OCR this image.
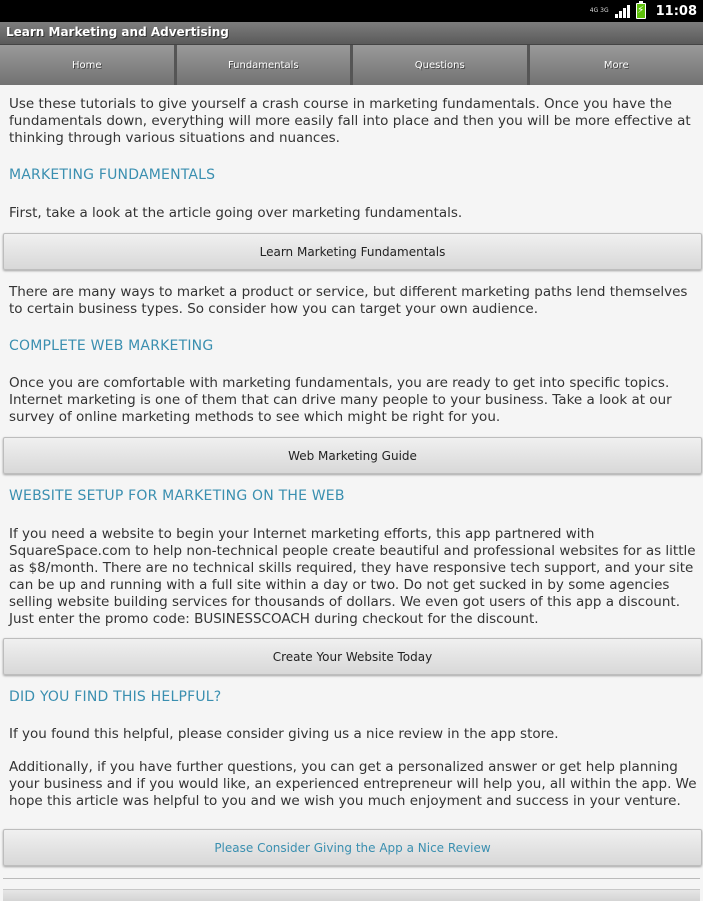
4G 3G	⚡ 11:08
Learn Marketing and Advertising
Home	Fundamentals	Questions	More

Use these tutorials to give yourself a crash course in marketing fundamentals. Once you have the fundamentals down, everything will more easily fall into place and then you will be more effective at thinking through various situations and nuances.

MARKETING FUNDAMENTALS

First, take a look at the article going over marketing fundamentals.

Learn Marketing Fundamentals

There are many ways to market a product or service, but different marketing paths lend themselves to certain business types. So consider how you can target your own audience.

COMPLETE WEB MARKETING

Once you are comfortable with marketing fundamentals, you are ready to get into specific topics. Internet marketing is one of them that can drive many people to your business. Take a look at our survey of online marketing methods to see which might be right for you.

Web Marketing Guide
WEBSITE SETUP FOR MARKETING ON THE WEB

If you need a website to begin your Internet marketing efforts, this app partnered with SquareSpace.com to help non-technical people create beautiful and professional websites for as little as $8/month. There are no technical skills required, they have responsive tech support, and your site can be up and running with a full site within a day or two. Do not get sucked in by some agencies selling website building services for thousands of dollars. We even got users of this app a discount. Just enter the promo code: BUSINESSCOACH during checkout for the discount.

Create Your Website Today
DID YOU FIND THIS HELPFUL?

If you found this helpful, please consider giving us a nice review in the app store.

Additionally, if you have further questions, you can get a personalized answer or get help planning your business and if you would like, an experienced entrepreneur will help you, all within the app. We hope this article was helpful to you and we wish you much enjoyment and success in your venture.

Please Consider Giving the App a Nice Review
